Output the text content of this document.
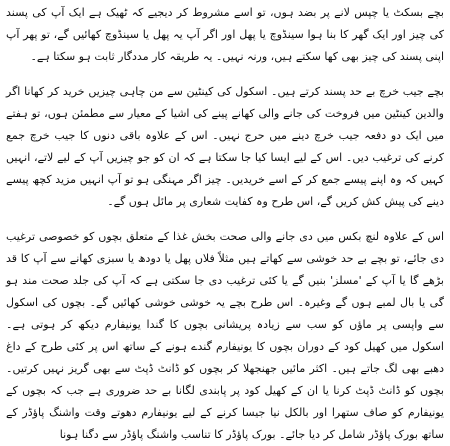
بچے بسکٹ یا چپس لانے پر بضد ہوں، تو اسے مشروط کر دیجیے کہ ٹھیک ہے ایک آپ کی پسند کی چیز اور ایک گھر کا بنا ہوا سینڈوچ یا پھل اور اگر آپ یہ پھل یا سینڈوچ کھائیں گے، تو پھر آپ اپنی پسند کی چیز بھی کھا سکتے ہیں، ورنہ نہیں۔ یہ طریقہ کار مددگار ثابت ہو سکتا ہے۔

بچے جیب خرچ بے حد پسند کرتے ہیں۔ اسکول کی کینٹین سے من چاہی چیزیں خرید کر کھانا اگر والدین کینٹین میں فروخت کی جانے والی کھانے پینے کی اشیا کے معیار سے مطمئن ہوں، تو ہفتے میں ایک دو دفعہ جیب خرچ دینے میں حرج نہیں۔ اس کے علاوہ باقی دنوں کا جیب خرچ جمع کرنے کی ترغیب دیں۔ اس کے لیے ایسا کیا جا سکتا ہے کہ ان کو جو چیزیں آپ کے لیے لاتے، انہیں کہیں کہ وہ اپنے پیسے جمع کر کے اسے خریدیں۔ چیز اگر مہنگی ہو تو آپ انہیں مزید کچھ پیسے دینے کی پیش کش کریں گے، اس طرح وہ کفایت شعاری پر مائل ہوں گے۔

اس کے علاوہ لنچ بکس میں دی جانے والی صحت بخش غذا کے متعلق بچوں کو خصوصی ترغیب دی جائے، تو بچے بے حد خوشی سے کھاتے ہیں مثلاً فلاں پھل یا دودھ یا سبزی کھانے سے آپ کا قد بڑھے گا یا آپ کے 'مسلز' بنیں گے یا کئی ترغیب دی جا سکتی ہے کہ آپ کی جلد صحت مند ہو گی یا بال لمبے ہوں گے وغیرہ۔ اس طرح بچے یہ خوشی خوشی کھائیں گے۔ بچوں کی اسکول سے واپسی پر ماؤں کو سب سے زیادہ پریشانی بچوں کا گندا یونیفارم دیکھ کر ہوتی ہے۔ اسکول میں کھیل کود کے دوران بچوں کا یونیفارم گندے ہونے کے ساتھ اس پر کئی طرح کے داغ دھبے بھی لگ جاتے ہیں۔ اکثر مائیں جھنجھلا کر بچوں کو ڈانٹ ڈپٹ سے بھی گریز نہیں کرتیں۔ بچوں کو ڈانٹ ڈپٹ کرنا یا ان کے کھیل کود پر پابندی لگانا بے حد ضروری ہے جب کہ بچوں کے یونیفارم کو صاف ستھرا اور بالکل نیا جیسا کرنے کے لیے یونیفارم دھوتے وقت واشنگ پاؤڈر کے ساتھ بورک پاؤڈر شامل کر دیا جائے۔ بورک پاؤڈر کا تناسب واشنگ پاؤڈر سے دگنا ہونا
